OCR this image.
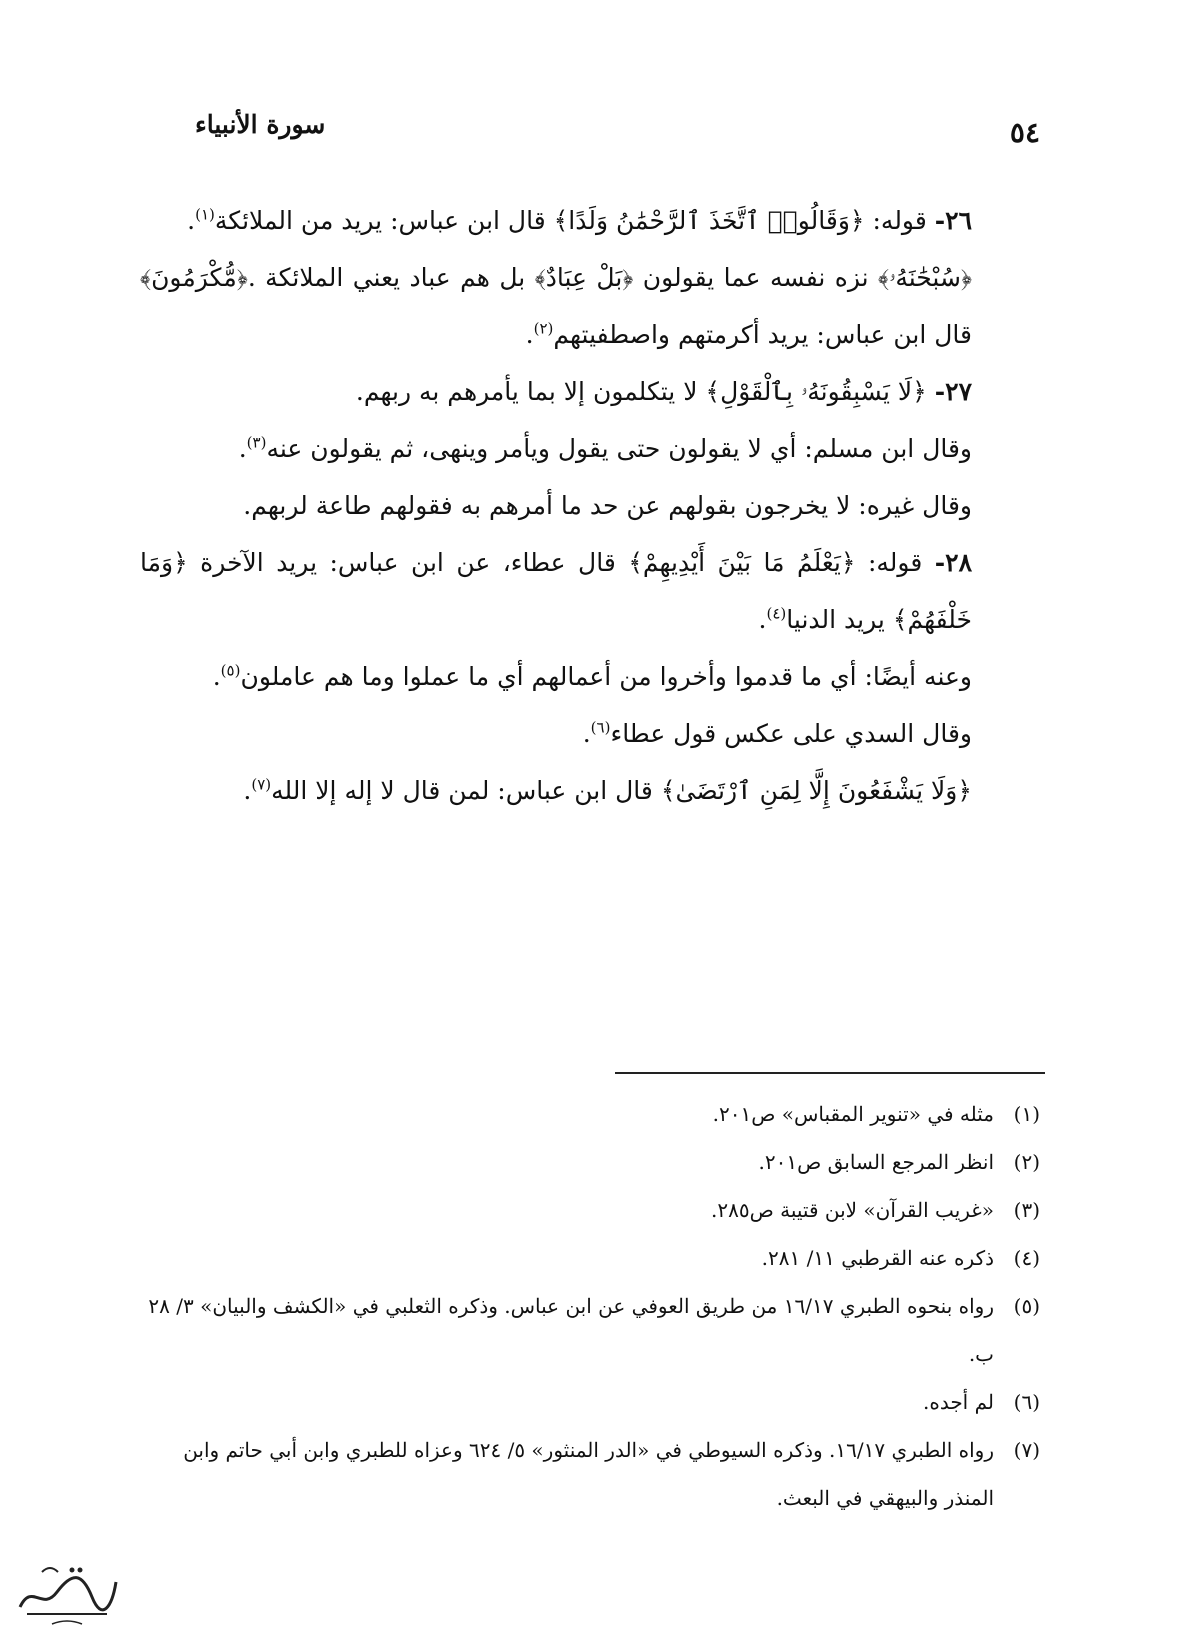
٥٤
سورة الأنبياء

٢٦- قوله: ﴿وَقَالُوا۟ ٱتَّخَذَ ٱلرَّحْمَٰنُ وَلَدًا﴾ قال ابن عباس: يريد من الملائكة$^{(١)}$.

﴿سُبْحَٰنَهُۥ﴾ نزه نفسه عما يقولون ﴿بَلْ عِبَادٌ﴾ بل هم عباد يعني الملائكة .﴿مُّكْرَمُونَ﴾ قال ابن عباس: يريد أكرمتهم واصطفيتهم$^{(٢)}$.

٢٧- ﴿لَا يَسْبِقُونَهُۥ بِٱلْقَوْلِ﴾ لا يتكلمون إلا بما يأمرهم به ربهم.

وقال ابن مسلم: أي لا يقولون حتى يقول ويأمر وينهى، ثم يقولون عنه$^{(٣)}$.

وقال غيره: لا يخرجون بقولهم عن حد ما أمرهم به فقولهم طاعة لربهم.

٢٨- قوله: ﴿يَعْلَمُ مَا بَيْنَ أَيْدِيهِمْ﴾ قال عطاء، عن ابن عباس: يريد الآخرة ﴿وَمَا خَلْفَهُمْ﴾ يريد الدنيا$^{(٤)}$.

وعنه أيضًا: أي ما قدموا وأخروا من أعمالهم أي ما عملوا وما هم عاملون$^{(٥)}$.

وقال السدي على عكس قول عطاء$^{(٦)}$.

﴿وَلَا يَشْفَعُونَ إِلَّا لِمَنِ ٱرْتَضَىٰ﴾ قال ابن عباس: لمن قال لا إله إلا الله$^{(٧)}$.

(١)
مثله في «تنوير المقباس» ص٢٠١.

(٢)
انظر المرجع السابق ص٢٠١.

(٣)
«غريب القرآن» لابن قتيبة ص٢٨٥.

(٤)
ذكره عنه القرطبي ١١/ ٢٨١.

(٥)
رواه بنحوه الطبري ١٦/١٧ من طريق العوفي عن ابن عباس. وذكره الثعلبي في «الكشف والبيان» ٣/ ٢٨ ب.

(٦)
لم أجده.

(٧)
رواه الطبري ١٦/١٧. وذكره السيوطي في «الدر المنثور» ٥/ ٦٢٤ وعزاه للطبري وابن أبي حاتم وابن المنذر والبيهقي في البعث.
